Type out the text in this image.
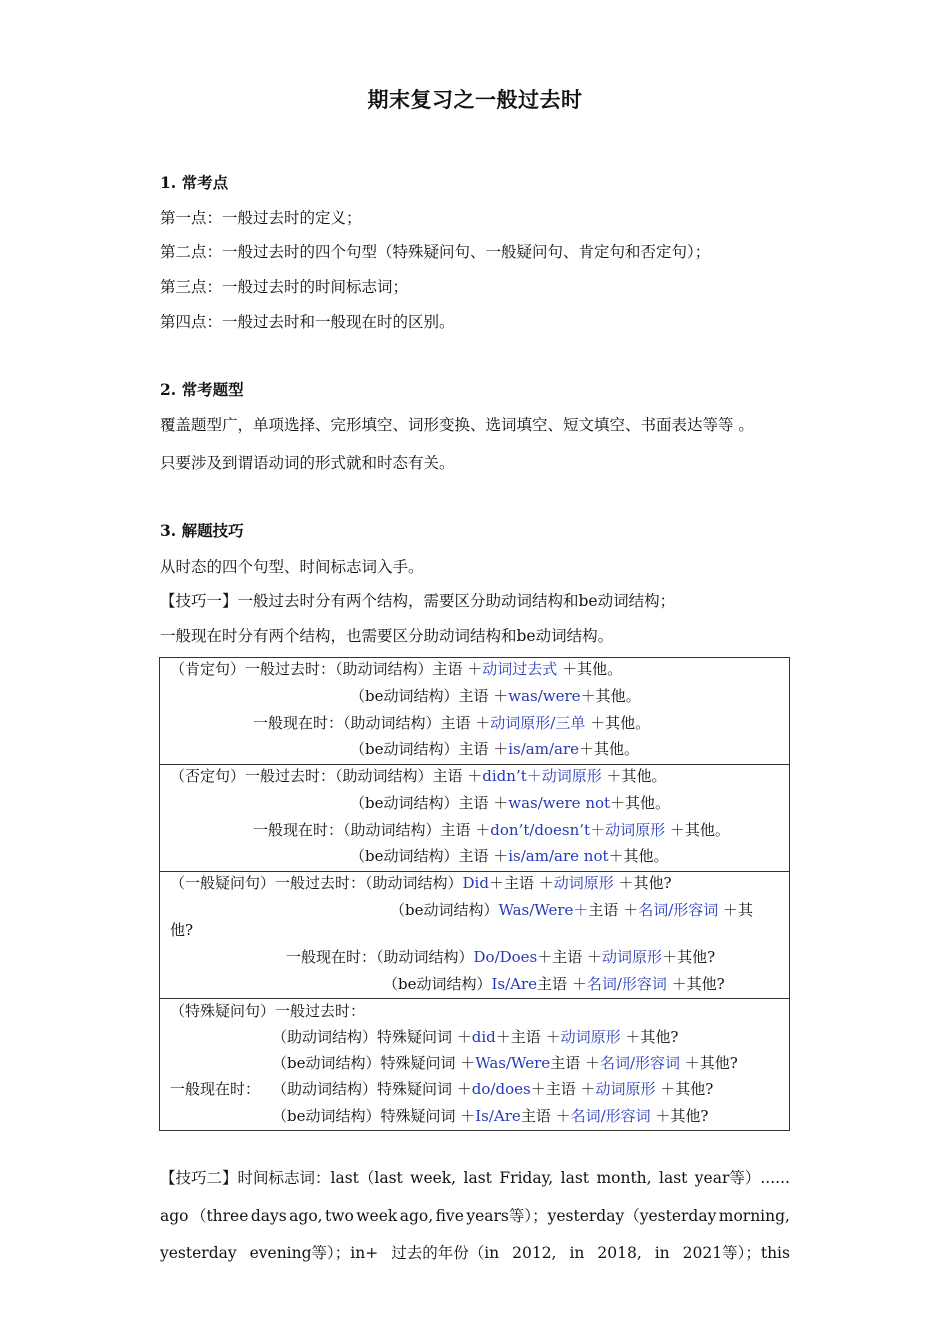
期末复习之一般过去时
1. 常考点
第一点：一般过去时的定义；
第二点：一般过去时的四个句型（特殊疑问句、一般疑问句、肯定句和否定句）；
第三点：一般过去时的时间标志词；
第四点：一般过去时和一般现在时的区别。
2. 常考题型
覆盖题型广，单项选择、完形填空、词形变换、选词填空、短文填空、书面表达等等 。
只要涉及到谓语动词的形式就和时态有关。
3. 解题技巧
从时态的四个句型、时间标志词入手。
【技巧一】一般过去时分有两个结构，需要区分助动词结构和be动词结构；
一般现在时分有两个结构，也需要区分助动词结构和be动词结构。
（肯定句）一般过去时：（助动词结构）主语 ＋动词过去式 ＋其他。
（be动词结构）主语 ＋was/were＋其他。
一般现在时：（助动词结构）主语 ＋动词原形/三单 ＋其他。
（be动词结构）主语 ＋is/am/are＋其他。
（否定句）一般过去时：（助动词结构）主语 ＋didn’t＋动词原形 ＋其他。
（be动词结构）主语 ＋was/were not＋其他。
一般现在时：（助动词结构）主语 ＋don’t/doesn’t＋动词原形 ＋其他。
（be动词结构）主语 ＋is/am/are not＋其他。
（一般疑问句）一般过去时：（助动词结构）Did＋主语 ＋动词原形 ＋其他?
（be动词结构）Was/Were＋主语 ＋名词/形容词 ＋其
他?
一般现在时：（助动词结构）Do/Does＋主语 ＋动词原形＋其他?
（be动词结构）Is/Are主语 ＋名词/形容词 ＋其他?
（特殊疑问句）一般过去时：
（助动词结构）特殊疑问词 ＋did＋主语 ＋动词原形 ＋其他?
（be动词结构）特殊疑问词 ＋Was/Were主语 ＋名词/形容词 ＋其他?
一般现在时： （助动词结构）特殊疑问词 ＋do/does＋主语 ＋动词原形 ＋其他?
（be动词结构）特殊疑问词 ＋Is/Are主语 ＋名词/形容词 ＋其他?
【技巧二】时间标志词：last（last week, last Friday, last month, last year等）......
ago （three days ago, two week ago, five years等）；yesterday（yesterday morning,
yesterday evening等）；in+ 过去的年份（in 2012, in 2018, in 2021等）；this
